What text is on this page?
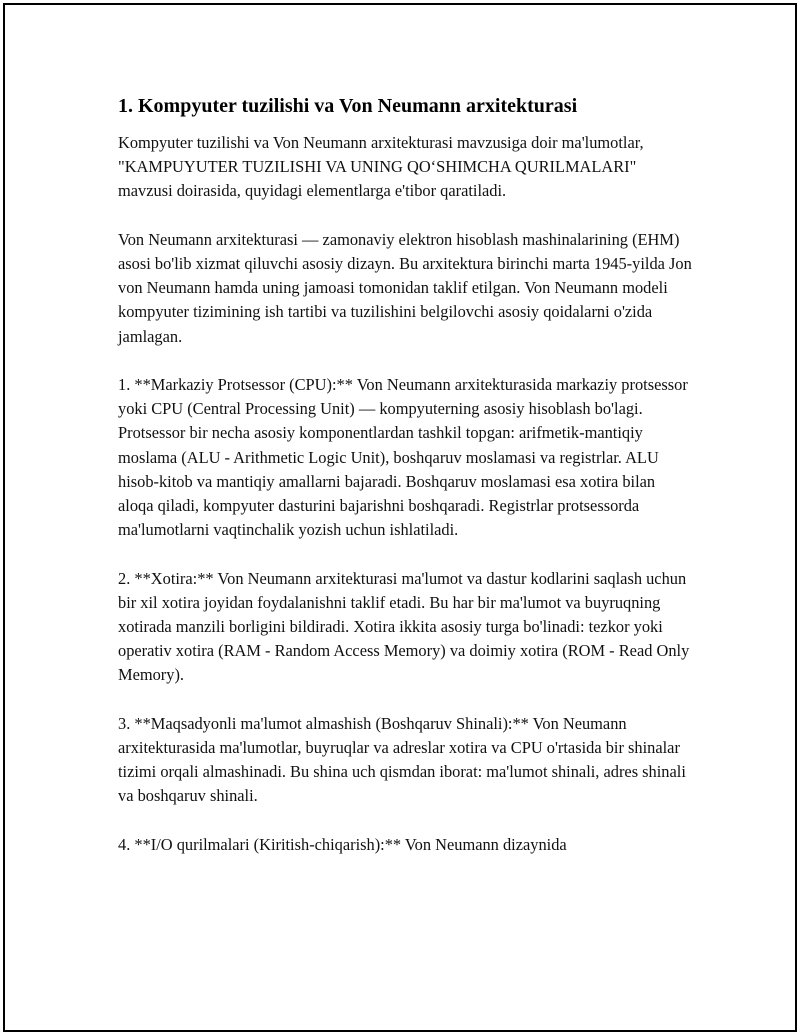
1. Kompyuter tuzilishi va Von Neumann arxitekturasi

Kompyuter tuzilishi va Von Neumann arxitekturasi mavzusiga doir ma'lumotlar, "KAMPUYUTER TUZILISHI VA UNING QO‘SHIMCHA QURILMALARI" mavzusi doirasida, quyidagi elementlarga e'tibor qaratiladi.

Von Neumann arxitekturasi — zamonaviy elektron hisoblash mashinalarining (EHM) asosi bo'lib xizmat qiluvchi asosiy dizayn. Bu arxitektura birinchi marta 1945-yilda Jon von Neumann hamda uning jamoasi tomonidan taklif etilgan. Von Neumann modeli kompyuter tizimining ish tartibi va tuzilishini belgilovchi asosiy qoidalarni o'zida jamlagan.

1. **Markaziy Protsessor (CPU):** Von Neumann arxitekturasida markaziy protsessor yoki CPU (Central Processing Unit) — kompyuterning asosiy hisoblash bo'lagi. Protsessor bir necha asosiy komponentlardan tashkil topgan: arifmetik-mantiqiy moslama (ALU - Arithmetic Logic Unit), boshqaruv moslamasi va registrlar. ALU hisob-kitob va mantiqiy amallarni bajaradi. Boshqaruv moslamasi esa xotira bilan aloqa qiladi, kompyuter dasturini bajarishni boshqaradi. Registrlar protsessorda ma'lumotlarni vaqtinchalik yozish uchun ishlatiladi.

2. **Xotira:** Von Neumann arxitekturasi ma'lumot va dastur kodlarini saqlash uchun bir xil xotira joyidan foydalanishni taklif etadi. Bu har bir ma'lumot va buyruqning xotirada manzili borligini bildiradi. Xotira ikkita asosiy turga bo'linadi: tezkor yoki operativ xotira (RAM - Random Access Memory) va doimiy xotira (ROM - Read Only Memory).

3. **Maqsadyonli ma'lumot almashish (Boshqaruv Shinali):** Von Neumann arxitekturasida ma'lumotlar, buyruqlar va adreslar xotira va CPU o'rtasida bir shinalar tizimi orqali almashinadi. Bu shina uch qismdan iborat: ma'lumot shinali, adres shinali va boshqaruv shinali.

4. **I/O qurilmalari (Kiritish-chiqarish):** Von Neumann dizaynida
